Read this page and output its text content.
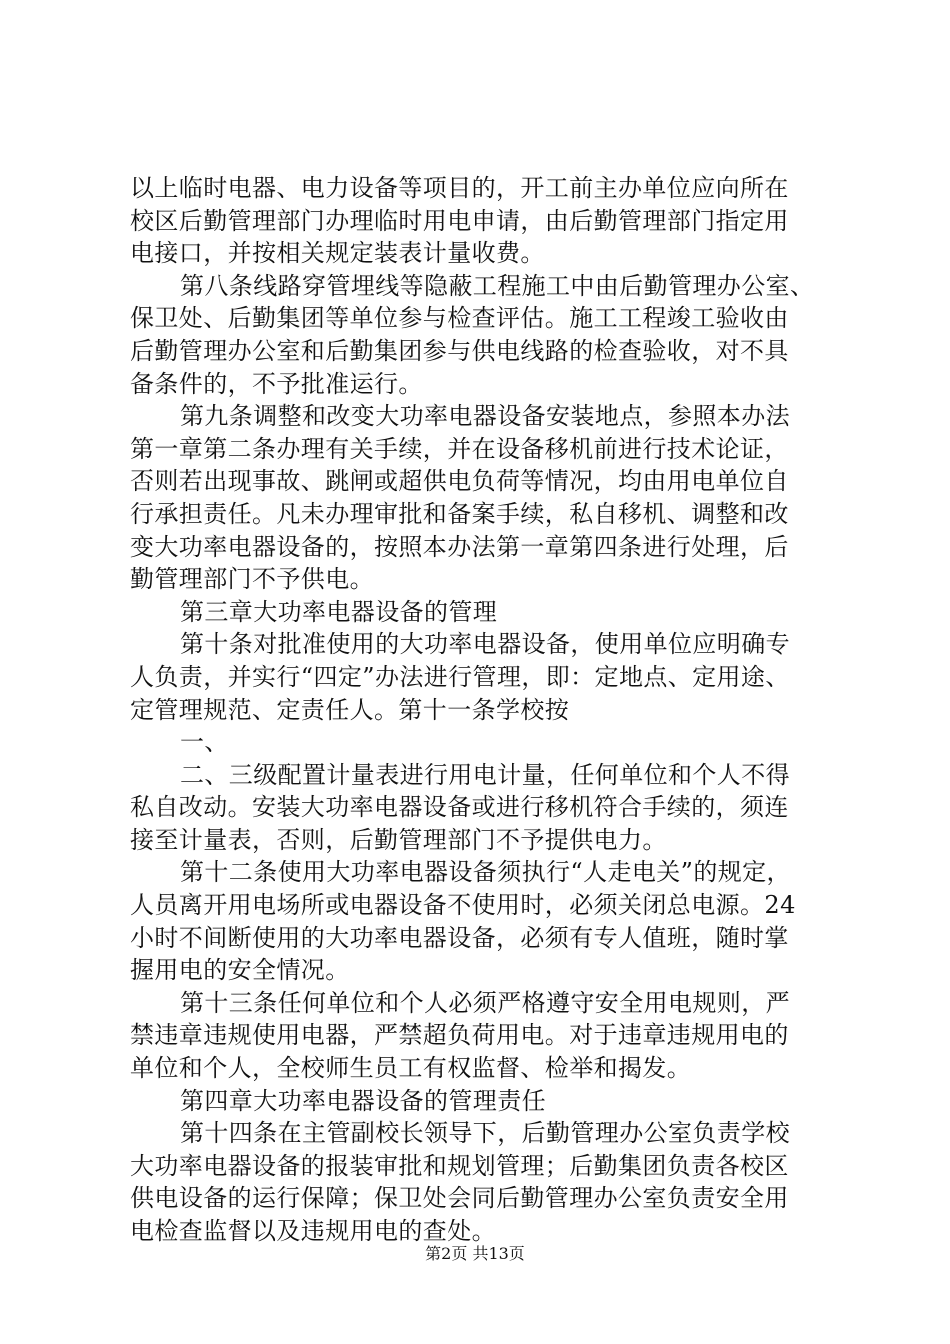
以上临时电器、电力设备等项目的，开工前主办单位应向所在
校区后勤管理部门办理临时用电申请，由后勤管理部门指定用
电接口，并按相关规定装表计量收费。
第八条线路穿管埋线等隐蔽工程施工中由后勤管理办公室、
保卫处、后勤集团等单位参与检查评估。施工工程竣工验收由
后勤管理办公室和后勤集团参与供电线路的检查验收，对不具
备条件的，不予批准运行。
第九条调整和改变大功率电器设备安装地点，参照本办法
第一章第二条办理有关手续，并在设备移机前进行技术论证，
否则若出现事故、跳闸或超供电负荷等情况，均由用电单位自
行承担责任。凡未办理审批和备案手续，私自移机、调整和改
变大功率电器设备的，按照本办法第一章第四条进行处理，后
勤管理部门不予供电。
第三章大功率电器设备的管理
第十条对批准使用的大功率电器设备，使用单位应明确专
人负责，并实行“四定”办法进行管理，即：定地点、定用途、
定管理规范、定责任人。第十一条学校按
一、
二、三级配置计量表进行用电计量，任何单位和个人不得
私自改动。安装大功率电器设备或进行移机符合手续的，须连
接至计量表，否则，后勤管理部门不予提供电力。
第十二条使用大功率电器设备须执行“人走电关”的规定，
人员离开用电场所或电器设备不使用时，必须关闭总电源。24
小时不间断使用的大功率电器设备，必须有专人值班，随时掌
握用电的安全情况。
第十三条任何单位和个人必须严格遵守安全用电规则，严
禁违章违规使用电器，严禁超负荷用电。对于违章违规用电的
单位和个人，全校师生员工有权监督、检举和揭发。
第四章大功率电器设备的管理责任
第十四条在主管副校长领导下，后勤管理办公室负责学校
大功率电器设备的报装审批和规划管理；后勤集团负责各校区
供电设备的运行保障；保卫处会同后勤管理办公室负责安全用
电检查监督以及违规用电的查处。
第2页 共13页
